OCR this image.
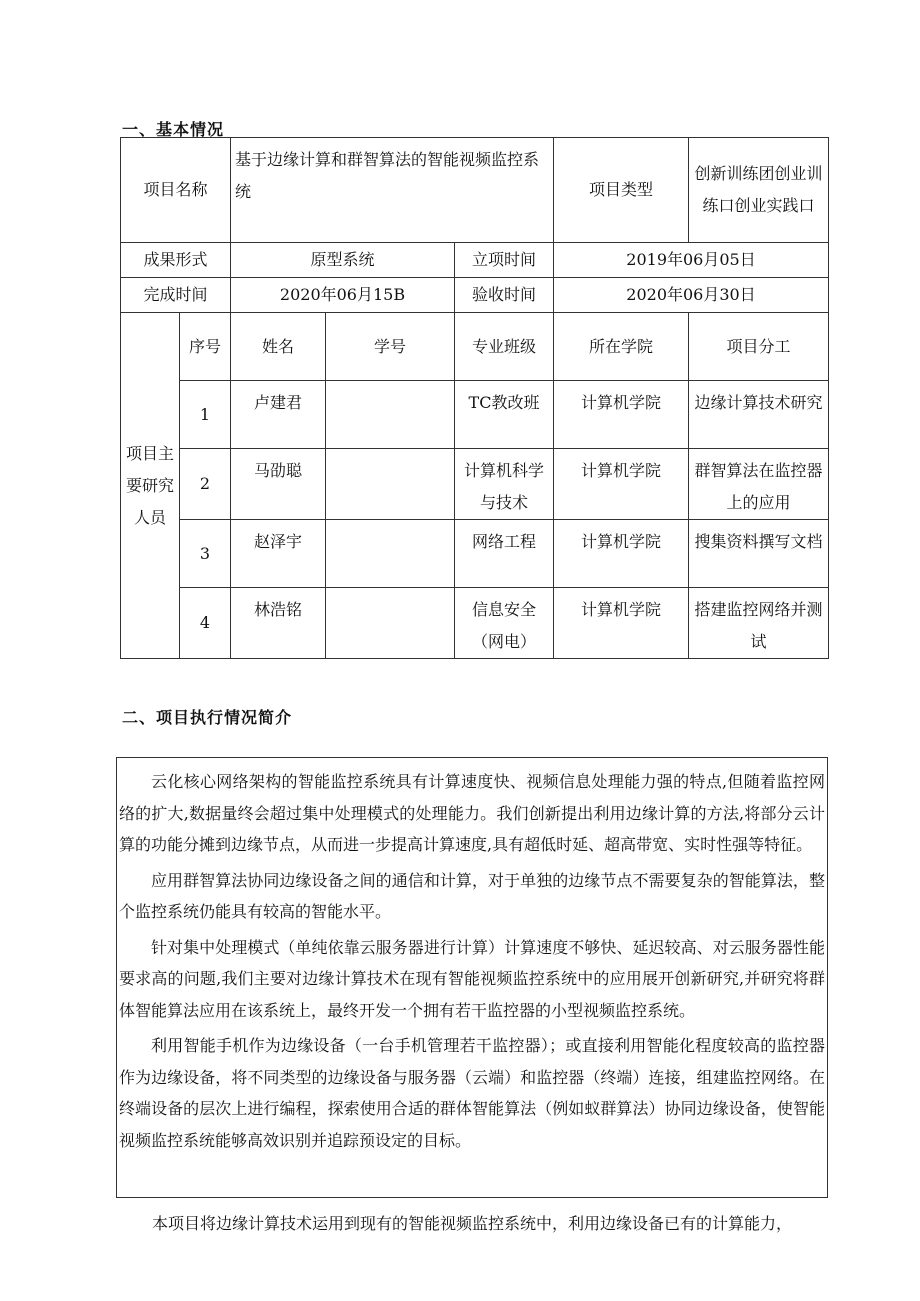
一、基本情况
项目名称		基于边缘计算和群智算法的智能视频监控系统			项目类型	创新训练团创业训练口创业实践口
成果形式		原型系统		立项时间	2019年06月05日	
完成时间		2020年06月15B		验收时间	2020年06月30日	
项目主要研究人员	序号	姓名	学号	专业班级	所在学院	项目分工
	1	卢建君		TC教改班	计算机学院	边缘计算技术研究
	2	马劭聪		计算机科学与技术	计算机学院	群智算法在监控器上的应用
	3	赵泽宇		网络工程	计算机学院	搜集资料撰写文档
	4	林浩铭		信息安全（网电）	计算机学院	搭建监控网络并测试
二、项目执行情况简介

云化核心网络架构的智能监控系统具有计算速度快、视频信息处理能力强的特点,但随着监控网络的扩大,数据量终会超过集中处理模式的处理能力。我们创新提出利用边缘计算的方法,将部分云计算的功能分摊到边缘节点，从而进一步提高计算速度,具有超低时延、超高带宽、实时性强等特征。

应用群智算法协同边缘设备之间的通信和计算，对于单独的边缘节点不需要复杂的智能算法，整个监控系统仍能具有较高的智能水平。

针对集中处理模式（单纯依靠云服务器进行计算）计算速度不够快、延迟较高、对云服务器性能要求高的问题,我们主要对边缘计算技术在现有智能视频监控系统中的应用展开创新研究,并研究将群体智能算法应用在该系统上，最终开发一个拥有若干监控器的小型视频监控系统。

利用智能手机作为边缘设备（一台手机管理若干监控器）；或直接利用智能化程度较高的监控器作为边缘设备，将不同类型的边缘设备与服务器（云端）和监控器（终端）连接，组建监控网络。在终端设备的层次上进行编程，探索使用合适的群体智能算法（例如蚁群算法）协同边缘设备，使智能视频监控系统能够高效识别并追踪预设定的目标。

本项目将边缘计算技术运用到现有的智能视频监控系统中，利用边缘设备已有的计算能力，
